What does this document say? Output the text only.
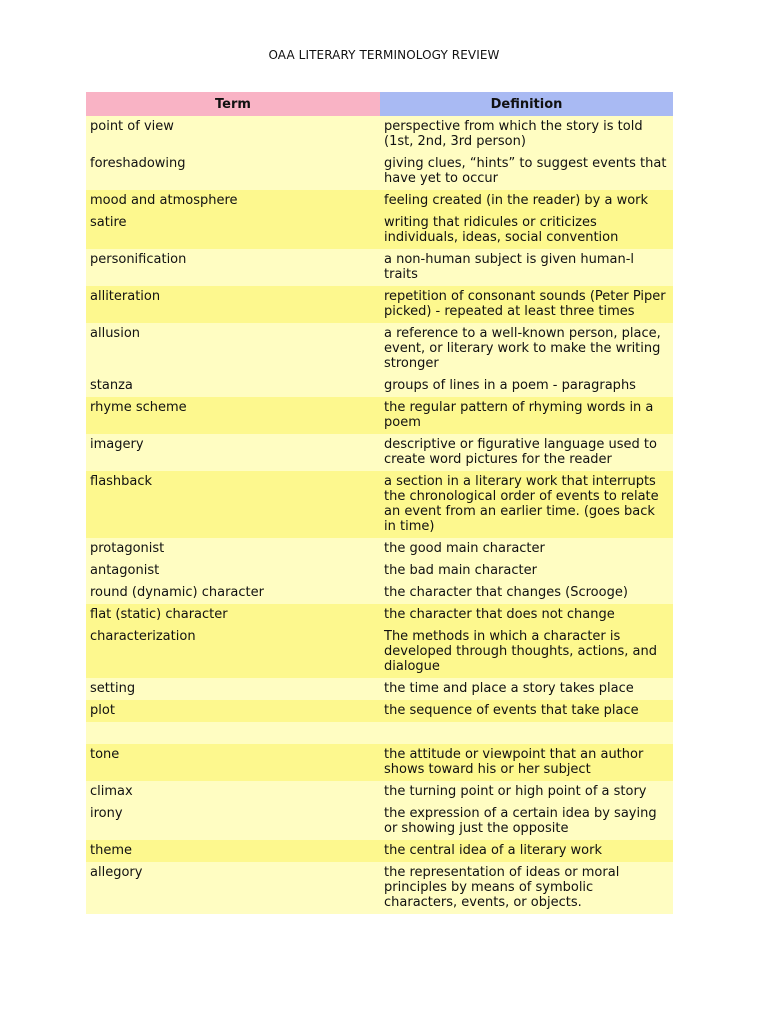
OAA LITERARY TERMINOLOGY REVIEW
Term	Definition
point of view	perspective from which the story is told (1st, 2nd, 3rd person)
foreshadowing	giving clues, “hints” to suggest events that have yet to occur
mood and atmosphere	feeling created (in the reader) by a work
satire	writing that ridicules or criticizes individuals, ideas, social convention
personification	a non-human subject is given human-l traits
alliteration	repetition of consonant sounds (Peter Piper picked) - repeated at least three times
allusion	a reference to a well-known person, place, event, or literary work to make the writing stronger
stanza	groups of lines in a poem - paragraphs
rhyme scheme	the regular pattern of rhyming words in a poem
imagery	descriptive or figurative language used to create word pictures for the reader
flashback	a section in a literary work that interrupts the chronological order of events to relate an event from an earlier time. (goes back in time)
protagonist	the good main character
antagonist	the bad main character
round (dynamic) character	the character that changes (Scrooge)
flat (static) character	the character that does not change
characterization	The methods in which a character is developed through thoughts, actions, and dialogue
setting	the time and place a story takes place
plot	the sequence of events that take place

tone	the attitude or viewpoint that an author shows toward his or her subject
climax	the turning point or high point of a story
irony	the expression of a certain idea by saying or showing just the opposite
theme	the central idea of a literary work
allegory	the representation of ideas or moral principles by means of symbolic characters, events, or objects.
